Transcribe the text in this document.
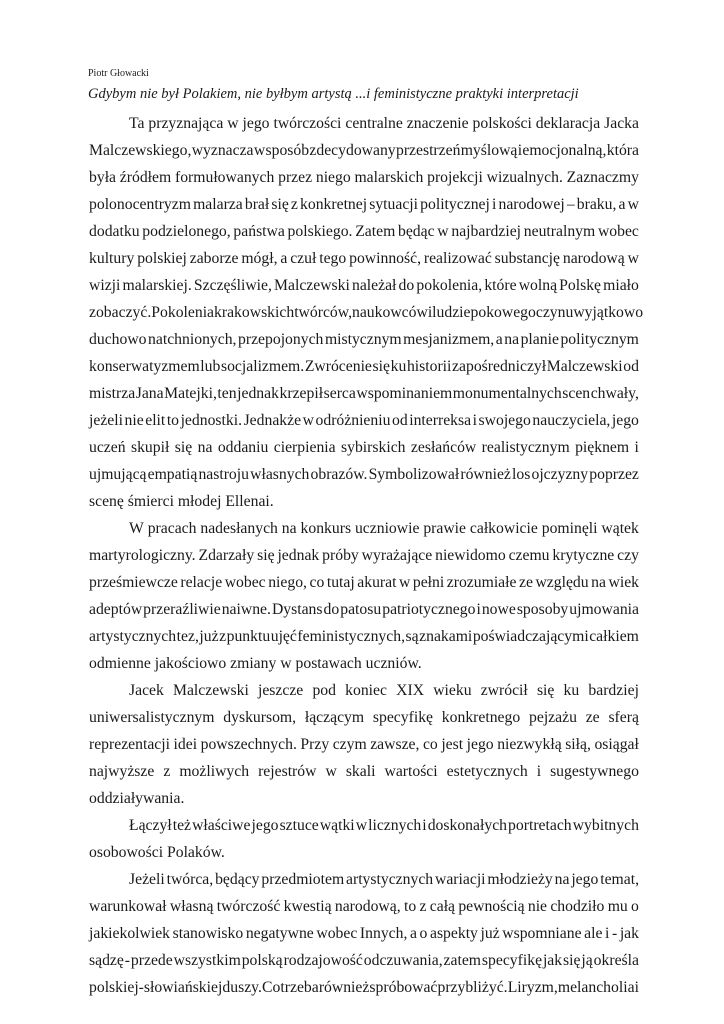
Piotr Głowacki
Gdybym nie był Polakiem, nie byłbym artystą ...i feministyczne praktyki interpretacji
Ta przyznająca w jego twórczości centralne znaczenie polskości deklaracja Jacka
Malczewskiego, wyznacza w sposób zdecydowany przestrzeń myślową i emocjonalną, która
była źródłem formułowanych przez niego malarskich projekcji wizualnych. Zaznaczmy
polonocentryzm malarza brał się z konkretnej sytuacji politycznej i narodowej – braku, a w
dodatku podzielonego, państwa polskiego. Zatem będąc w najbardziej neutralnym wobec
kultury polskiej zaborze mógł, a czuł tego powinność, realizować substancję narodową w
wizji malarskiej. Szczęśliwie, Malczewski należał do pokolenia, które wolną Polskę miało
zobaczyć. Pokolenia krakowskich twórców, naukowców i ludzi epokowego czynu wyjątkowo
duchowo natchnionych, przepojonych mistycznym mesjanizmem, a na planie politycznym
konserwatyzmem lub socjalizmem. Zwrócenie się ku historii zapośredniczył Malczewski od
mistrza Jana Matejki, ten jednak krzepił serca wspominaniem monumentalnych scen chwały,
jeżeli nie elit to jednostki. Jednakże w odróżnieniu od interreksa i swojego nauczyciela, jego
uczeń skupił się na oddaniu cierpienia sybirskich zesłańców realistycznym pięknem i
ujmującą empatią nastroju własnych obrazów. Symbolizował również los ojczyzny poprzez
scenę śmierci młodej Ellenai.
W pracach nadesłanych na konkurs uczniowie prawie całkowicie pominęli wątek
martyrologiczny. Zdarzały się jednak próby wyrażające niewidomo czemu krytyczne czy
prześmiewcze relacje wobec niego, co tutaj akurat w pełni zrozumiałe ze względu na wiek
adeptów przeraźliwie naiwne. Dystans do patosu patriotycznego i nowe sposoby ujmowania
artystycznych tez, już z punktu ujęć feministycznych, są znakami poświadczającymi całkiem
odmienne jakościowo zmiany w postawach uczniów.
Jacek Malczewski jeszcze pod koniec XIX wieku zwrócił się ku bardziej
uniwersalistycznym dyskursom, łączącym specyfikę konkretnego pejzażu ze sferą
reprezentacji idei powszechnych. Przy czym zawsze, co jest jego niezwykłą siłą, osiągał
najwyższe z możliwych rejestrów w skali wartości estetycznych i sugestywnego
oddziaływania.
Łączył też właściwe jego sztuce wątki w licznych i doskonałych portretach wybitnych
osobowości Polaków.
Jeżeli twórca, będący przedmiotem artystycznych wariacji młodzieży na jego temat,
warunkował własną twórczość kwestią narodową, to z całą pewnością nie chodziło mu o
jakiekolwiek stanowisko negatywne wobec Innych, a o aspekty już wspomniane ale i - jak
sądzę - przede wszystkim polską rodzajowość odczuwania, zatem specyfikę jak się ją określa
polskiej-słowiańskiej duszy. Co trzeba również spróbować przybliżyć. Liryzm, melancholia i
